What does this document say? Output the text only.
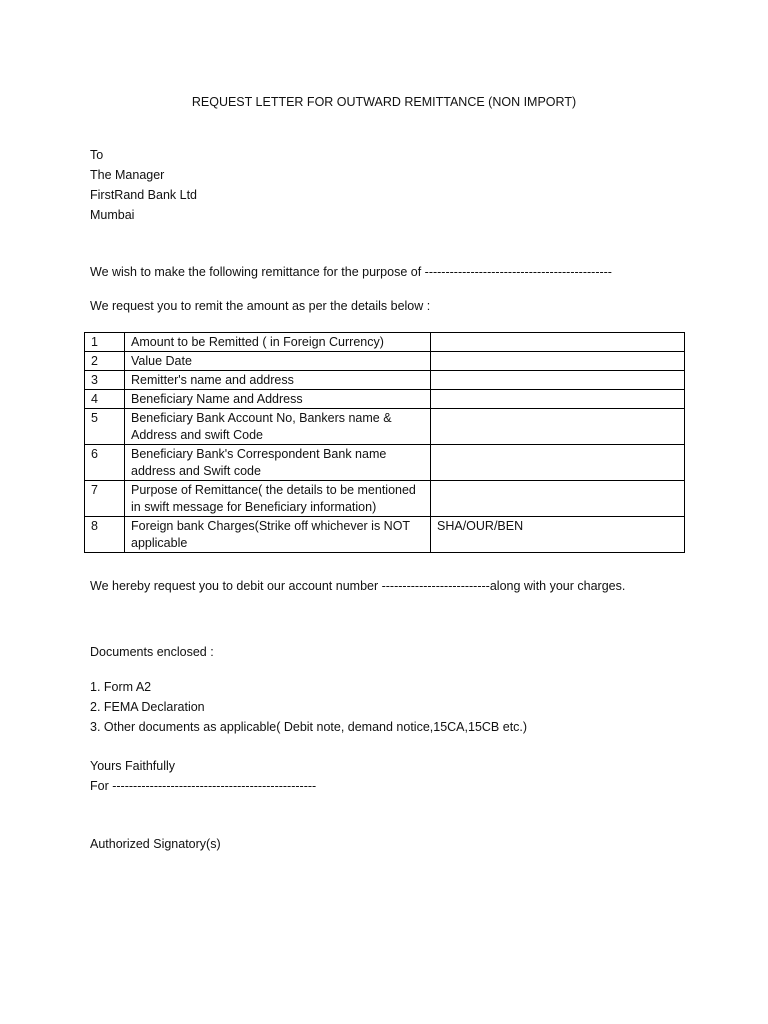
REQUEST LETTER FOR OUTWARD REMITTANCE (NON IMPORT)
To
The Manager
FirstRand Bank Ltd
Mumbai
We wish to make the following remittance for the purpose of ---------------------------------------------
We request you to remit the amount as per the details below :
1	Amount to be Remitted ( in Foreign Currency)	
2	Value Date	
3	Remitter's name and address	
4	Beneficiary Name and Address	
5	Beneficiary Bank Account No, Bankers name & Address and swift Code	
6	Beneficiary Bank's Correspondent Bank name address and Swift code	
7	Purpose of Remittance( the details to be mentioned in swift message for Beneficiary information)	
8	Foreign bank Charges(Strike off whichever is NOT applicable	SHA/OUR/BEN
We hereby request you to debit our account number --------------------------along with your charges.
Documents enclosed :
1. Form A2
2. FEMA Declaration
3. Other documents as applicable( Debit note, demand notice,15CA,15CB etc.)
Yours Faithfully
For -------------------------------------------------
Authorized Signatory(s)
